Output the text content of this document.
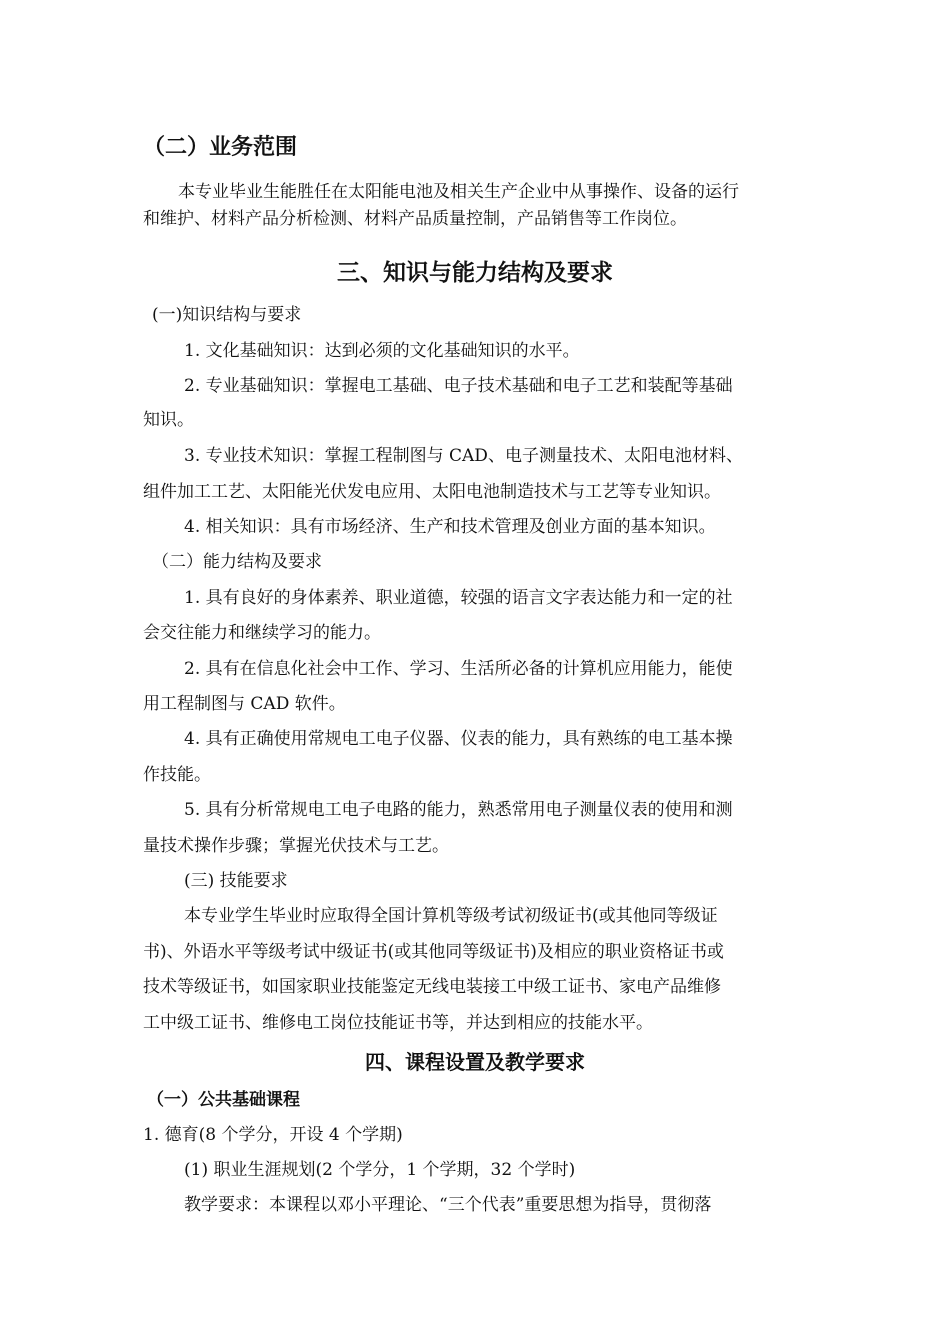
（二）业务范围
本专业毕业生能胜任在太阳能电池及相关生产企业中从事操作、设备的运行
和维护、材料产品分析检测、材料产品质量控制，产品销售等工作岗位。
三、知识与能力结构及要求
(一)知识结构与要求
1. 文化基础知识：达到必须的文化基础知识的水平。
2. 专业基础知识：掌握电工基础、电子技术基础和电子工艺和装配等基础
知识。
3. 专业技术知识：掌握工程制图与 CAD、电子测量技术、太阳电池材料、
组件加工工艺、太阳能光伏发电应用、太阳电池制造技术与工艺等专业知识。
4. 相关知识：具有市场经济、生产和技术管理及创业方面的基本知识。
（二）能力结构及要求
1. 具有良好的身体素养、职业道德，较强的语言文字表达能力和一定的社
会交往能力和继续学习的能力。
2. 具有在信息化社会中工作、学习、生活所必备的计算机应用能力，能使
用工程制图与 CAD 软件。
4. 具有正确使用常规电工电子仪器、仪表的能力，具有熟练的电工基本操
作技能。
5. 具有分析常规电工电子电路的能力，熟悉常用电子测量仪表的使用和测
量技术操作步骤；掌握光伏技术与工艺。
(三) 技能要求
本专业学生毕业时应取得全国计算机等级考试初级证书(或其他同等级证
书)、外语水平等级考试中级证书(或其他同等级证书)及相应的职业资格证书或
技术等级证书，如国家职业技能鉴定无线电装接工中级工证书、家电产品维修
工中级工证书、维修电工岗位技能证书等，并达到相应的技能水平。
四、课程设置及教学要求
（一）公共基础课程
1. 德育(8 个学分，开设 4 个学期)
(1) 职业生涯规划(2 个学分，1 个学期，32 个学时)
教学要求：本课程以邓小平理论、“三个代表”重要思想为指导，贯彻落
